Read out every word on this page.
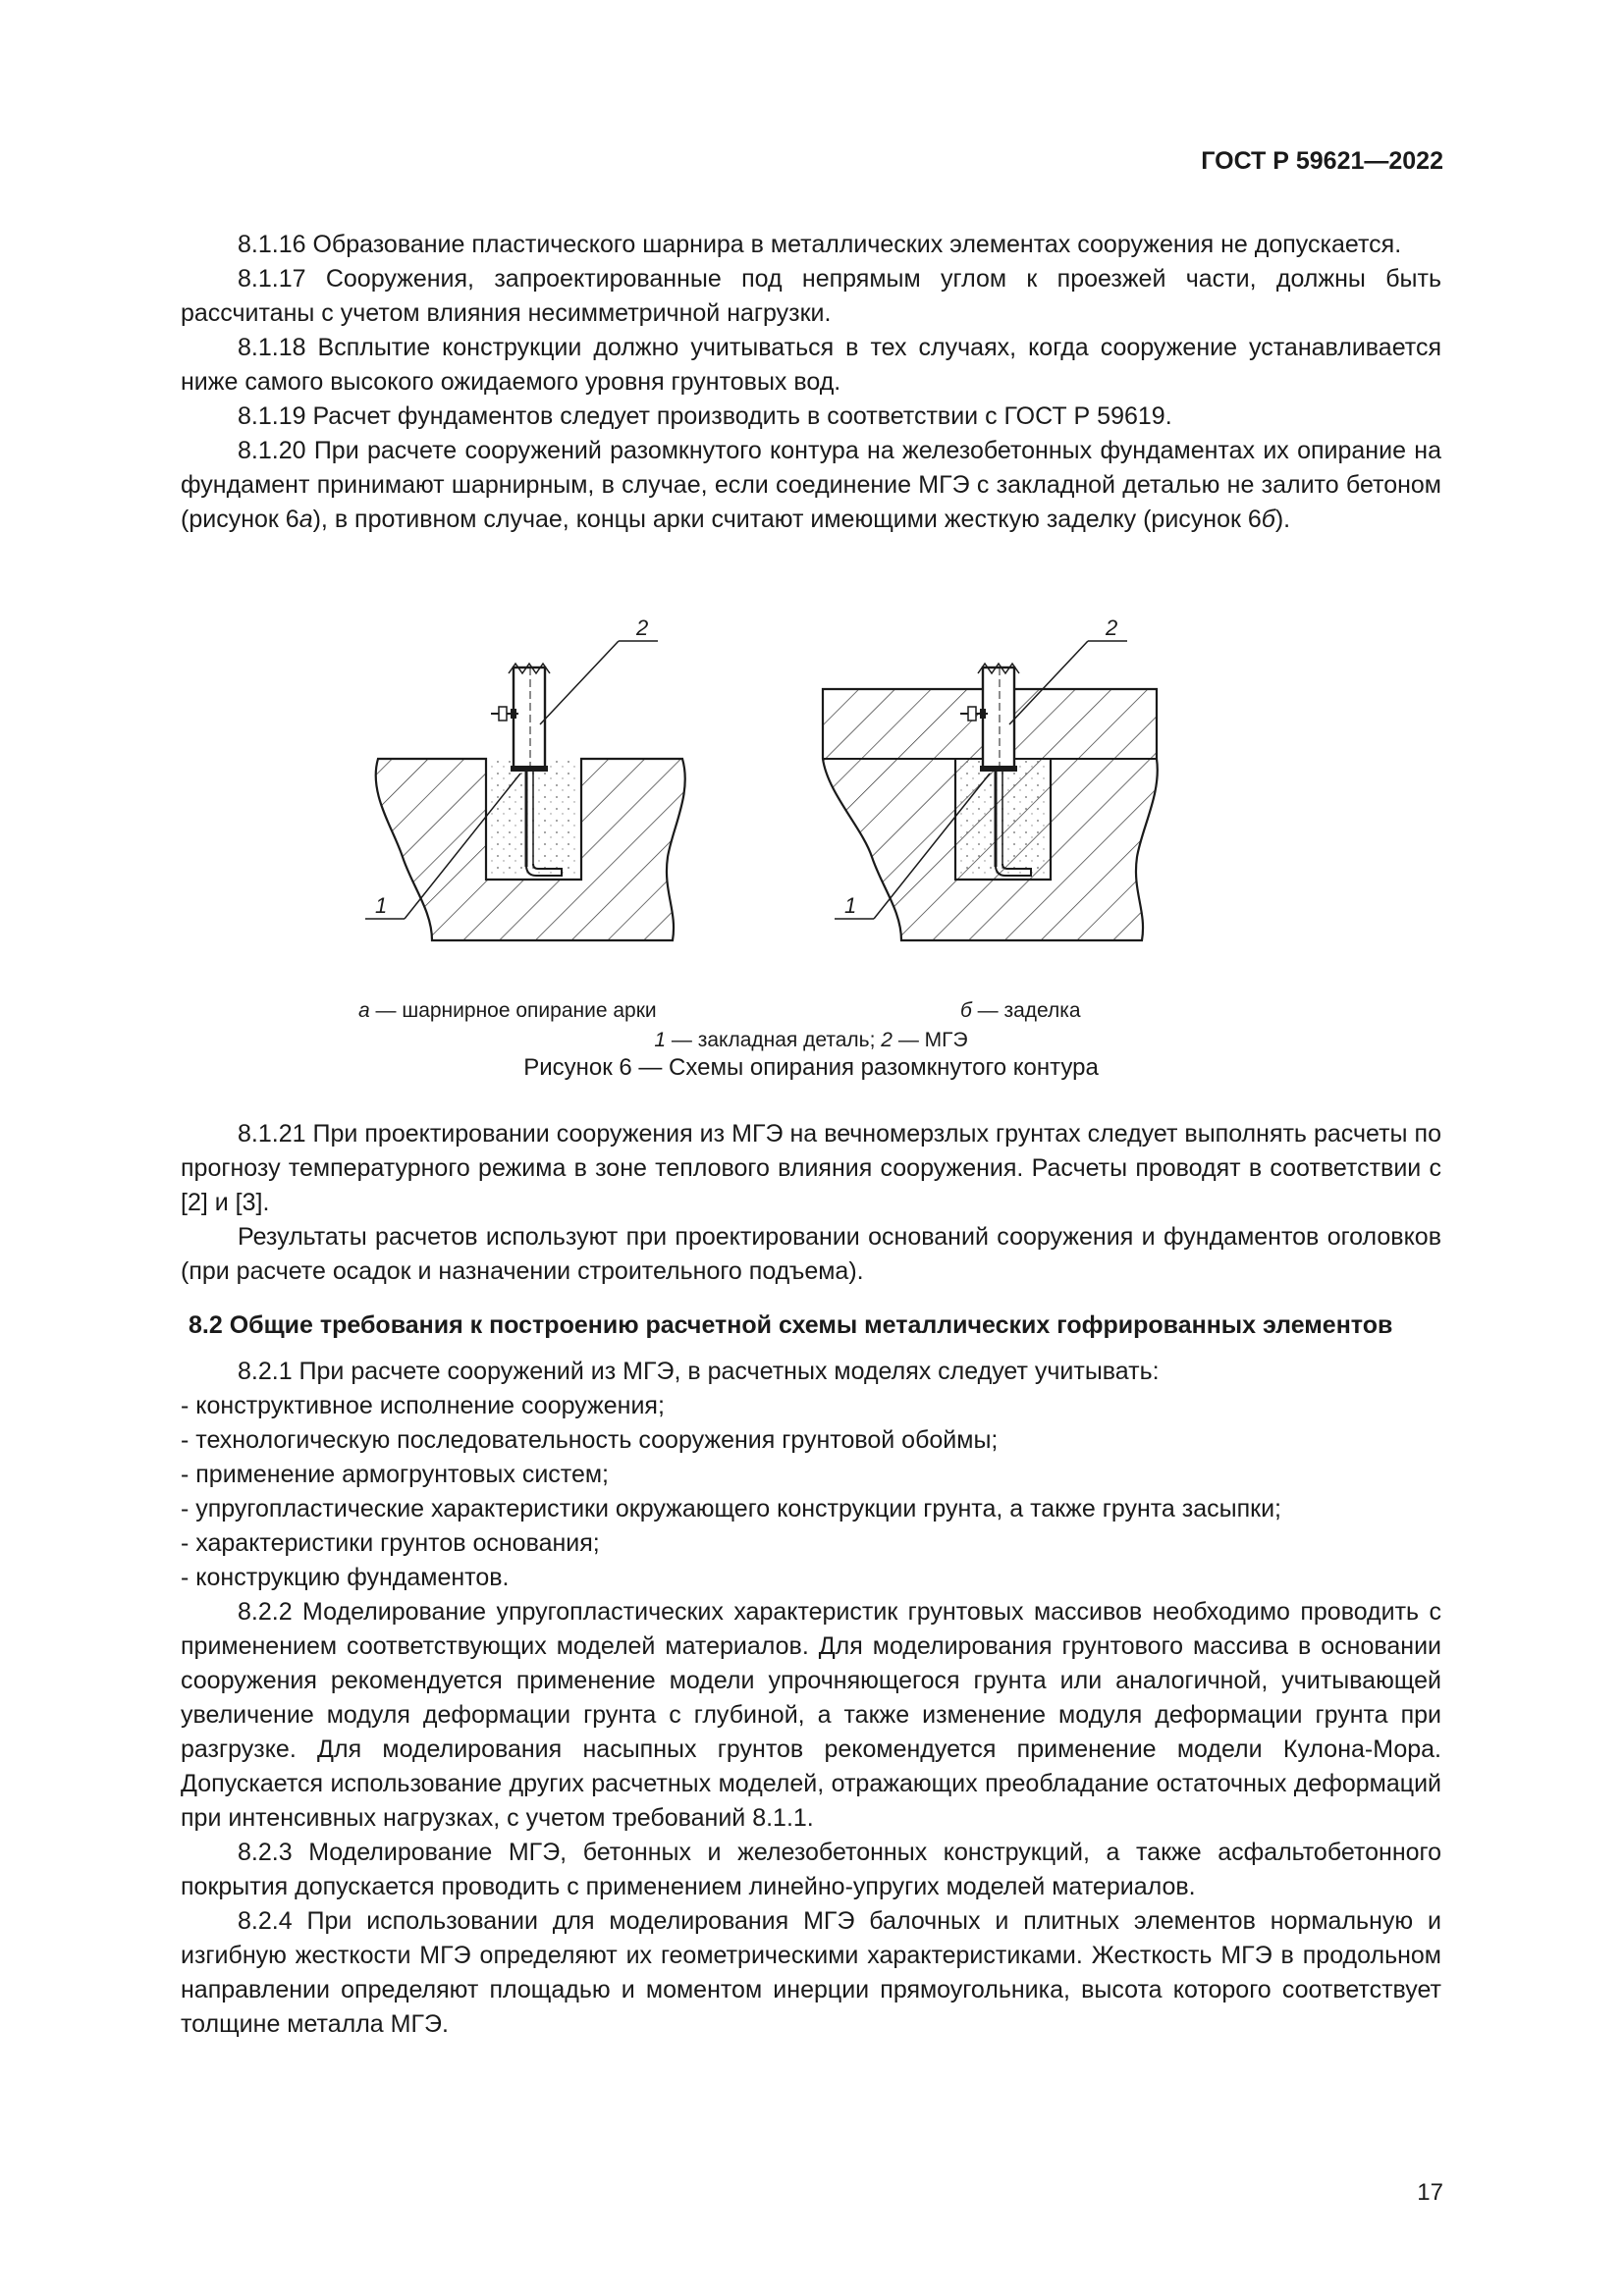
ГОСТ Р 59621—2022

8.1.16 Образование пластического шарнира в металлических элементах сооружения не допускается.

8.1.17 Сооружения, запроектированные под непрямым углом к проезжей части, должны быть рассчитаны с учетом влияния несимметричной нагрузки.

8.1.18 Всплытие конструкции должно учитываться в тех случаях, когда сооружение устанавливается ниже самого высокого ожидаемого уровня грунтовых вод.

8.1.19 Расчет фундаментов следует производить в соответствии с ГОСТ Р 59619.

8.1.20 При расчете сооружений разомкнутого контура на железобетонных фундаментах их опирание на фундамент принимают шарнирным, в случае, если соединение МГЭ с закладной деталью не залито бетоном (рисунок 6а), в противном случае, концы арки считают имеющими жесткую заделку (рисунок 6б).

1
2
1
2
а — шарнирное опирание арки	б — заделка
1 — закладная деталь; 2 — МГЭ
Рисунок 6 — Схемы опирания разомкнутого контура

8.1.21 При проектировании сооружения из МГЭ на вечномерзлых грунтах следует выполнять расчеты по прогнозу температурного режима в зоне теплового влияния сооружения. Расчеты проводят в соответствии с [2] и [3].

Результаты расчетов используют при проектировании оснований сооружения и фундаментов оголовков (при расчете осадок и назначении строительного подъема).

8.2 Общие требования к построению расчетной схемы металлических гофрированных элементов

8.2.1 При расчете сооружений из МГЭ, в расчетных моделях следует учитывать:

- конструктивное исполнение сооружения;

- технологическую последовательность сооружения грунтовой обоймы;

- применение армогрунтовых систем;

- упругопластические характеристики окружающего конструкции грунта, а также грунта засыпки;

- характеристики грунтов основания;

- конструкцию фундаментов.

8.2.2 Моделирование упругопластических характеристик грунтовых массивов необходимо проводить с применением соответствующих моделей материалов. Для моделирования грунтового массива в основании сооружения рекомендуется применение модели упрочняющегося грунта или аналогичной, учитывающей увеличение модуля деформации грунта с глубиной, а также изменение модуля деформации грунта при разгрузке. Для моделирования насыпных грунтов рекомендуется применение модели Кулона-Мора. Допускается использование других расчетных моделей, отражающих преобладание остаточных деформаций при интенсивных нагрузках, с учетом требований 8.1.1.

8.2.3 Моделирование МГЭ, бетонных и железобетонных конструкций, а также асфальтобетонного покрытия допускается проводить с применением линейно-упругих моделей материалов.

8.2.4 При использовании для моделирования МГЭ балочных и плитных элементов нормальную и изгибную жесткости МГЭ определяют их геометрическими характеристиками. Жесткость МГЭ в продольном направлении определяют площадью и моментом инерции прямоугольника, высота которого соответствует толщине металла МГЭ.

17
